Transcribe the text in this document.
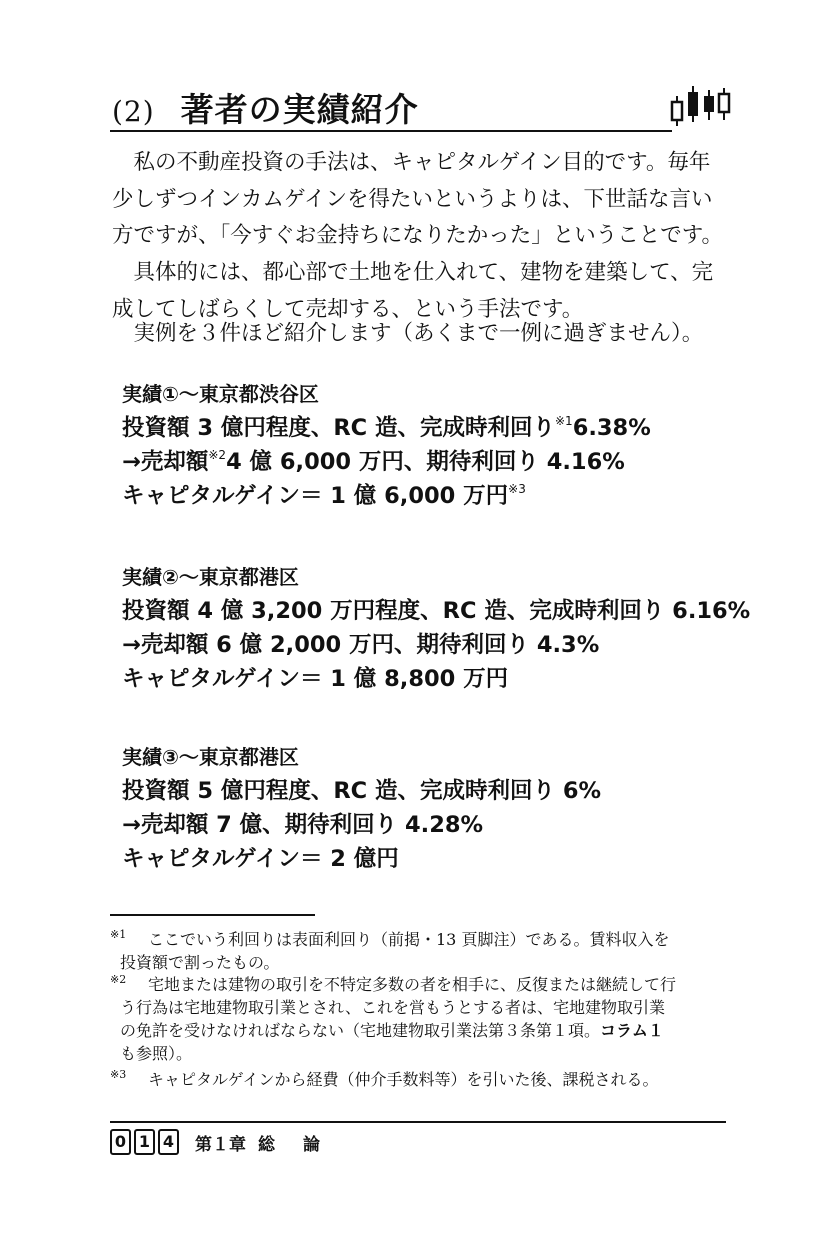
(2) 著者の実績紹介
　私の不動産投資の手法は、キャピタルゲイン目的です。毎年
少しずつインカムゲインを得たいというよりは、下世話な言い
方ですが、「今すぐお金持ちになりたかった」ということです。
　具体的には、都心部で土地を仕入れて、建物を建築して、完
成してしばらくして売却する、という手法です。
　実例を３件ほど紹介します（あくまで一例に過ぎません）。
実績①〜東京都渋谷区
投資額 3 億円程度、RC 造、完成時利回り$^{※1}$6.38%
→売却額$^{※2}$4 億 6,000 万円、期待利回り 4.16%
キャピタルゲイン＝ 1 億 6,000 万円$^{※3}$
実績②〜東京都港区
投資額 4 億 3,200 万円程度、RC 造、完成時利回り 6.16%
→売却額 6 億 2,000 万円、期待利回り 4.3%
キャピタルゲイン＝ 1 億 8,800 万円
実績③〜東京都港区
投資額 5 億円程度、RC 造、完成時利回り 6%
→売却額 7 億、期待利回り 4.28%
キャピタルゲイン＝ 2 億円
※1	ここでいう利回りは表面利回り（前掲・13 頁脚注）である。賃料収入を
投資額で割ったもの。
※2	宅地または建物の取引を不特定多数の者を相手に、反復または継続して行
う行為は宅地建物取引業とされ、これを営もうとする者は、宅地建物取引業
の免許を受けなければならない（宅地建物取引業法第３条第１項。コラム１
も参照）。
※3	キャピタルゲインから経費（仲介手数料等）を引いた後、課税される。
0 1 4 第１章 総論
